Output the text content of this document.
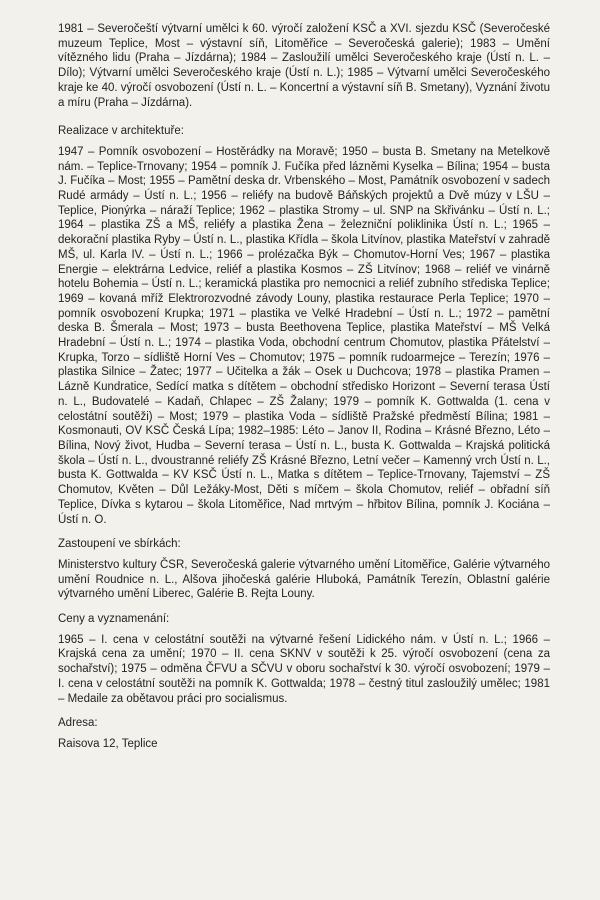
1981 – Severočeští výtvarní umělci k 60. výročí založení KSČ a XVI. sjezdu KSČ (Severočeské muzeum Teplice, Most – výstavní síň, Litoměřice – Severočeská galerie); 1983 – Umění vítězného lidu (Praha – Jízdárna); 1984 – Zasloužilí umělci Severočeského kraje (Ústí n. L. – Dílo); Výtvarní umělci Severočeského kraje (Ústí n. L.); 1985 – Výtvarní umělci Severočeského kraje ke 40. výročí osvobození (Ústí n. L. – Koncertní a výstavní síň B. Smetany), Vyznání životu a míru (Praha – Jízdárna).

Realizace v architektuře:

1947 – Pomník osvobození – Hostěrádky na Moravě; 1950 – busta B. Smetany na Metelkově nám. – Teplice-Trnovany; 1954 – pomník J. Fučíka před lázněmi Kyselka – Bílina; 1954 – busta J. Fučíka – Most; 1955 – Pamětní deska dr. Vrbenského – Most, Památník osvobození v sadech Rudé armády – Ústí n. L.; 1956 – reliéfy na budově Báňských projektů a Dvě múzy v LŠU – Teplice, Pionýrka – náraží Teplice; 1962 – plastika Stromy – ul. SNP na Skřivánku – Ústí n. L.; 1964 – plastika ZŠ a MŠ, reliéfy a plastika Žena – železniční poliklinika Ústí n. L.; 1965 – dekorační plastika Ryby – Ústí n. L., plastika Křídla – škola Litvínov, plastika Mateřství v zahradě MŠ, ul. Karla IV. – Ústí n. L.; 1966 – prolézačka Býk – Chomutov-Horní Ves; 1967 – plastika Energie – elektrárna Ledvice, reliéf a plastika Kosmos – ZŠ Litvínov; 1968 – reliéf ve vinárně hotelu Bohemia – Ústí n. L.; keramická plastika pro nemocnici a reliéf zubního střediska Teplice; 1969 – kovaná mříž Elektrorozvodné závody Louny, plastika restaurace Perla Teplice; 1970 – pomník osvobození Krupka; 1971 – plastika ve Velké Hradební – Ústí n. L.; 1972 – pamětní deska B. Šmerala – Most; 1973 – busta Beethovena Teplice, plastika Mateřství – MŠ Velká Hradební – Ústí n. L.; 1974 – plastika Voda, obchodní centrum Chomutov, plastika Přátelství – Krupka, Torzo – sídliště Horní Ves – Chomutov; 1975 – pomník rudoarmejce – Terezín; 1976 – plastika Silnice – Žatec; 1977 – Učitelka a žák – Osek u Duchcova; 1978 – plastika Pramen – Lázně Kundratice, Sedící matka s dítětem – obchodní středisko Horizont – Severní terasa Ústí n. L., Budovatelé – Kadaň, Chlapec – ZŠ Žalany; 1979 – pomník K. Gottwalda (1. cena v celostátní soutěži) – Most; 1979 – plastika Voda – sídliště Pražské předměstí Bílina; 1981 – Kosmonauti, OV KSČ Česká Lípa; 1982–1985: Léto – Janov II, Rodina – Krásné Březno, Léto – Bílina, Nový život, Hudba – Severní terasa – Ústí n. L., busta K. Gottwalda – Krajská politická škola – Ústí n. L., dvoustranné reliéfy ZŠ Krásné Březno, Letní večer – Kamenný vrch Ústí n. L., busta K. Gottwalda – KV KSČ Ústí n. L., Matka s dítětem – Teplice-Trnovany, Tajemství – ZŠ Chomutov, Květen – Důl Ležáky-Most, Děti s míčem – škola Chomutov, reliéf – obřadní síň Teplice, Dívka s kytarou – škola Litoměřice, Nad mrtvým – hřbitov Bílina, pomník J. Kociána – Ústí n. O.

Zastoupení ve sbírkách:

Ministerstvo kultury ČSR, Severočeská galerie výtvarného umění Litoměřice, Galérie výtvarného umění Roudnice n. L., Alšova jihočeská galérie Hluboká, Památník Terezín, Oblastní galérie výtvarného umění Liberec, Galérie B. Rejta Louny.

Ceny a vyznamenání:

1965 – I. cena v celostátní soutěži na výtvarné řešení Lidického nám. v Ústí n. L.; 1966 – Krajská cena za umění; 1970 – II. cena SKNV v soutěži k 25. výročí osvobození (cena za sochařství); 1975 – odměna ČFVU a SČVU v oboru sochařství k 30. výročí osvobození; 1979 – I. cena v celostátní soutěži na pomník K. Gottwalda; 1978 – čestný titul zasloužilý umělec; 1981 – Medaile za obětavou práci pro socialismus.

Adresa:

Raisova 12, Teplice
